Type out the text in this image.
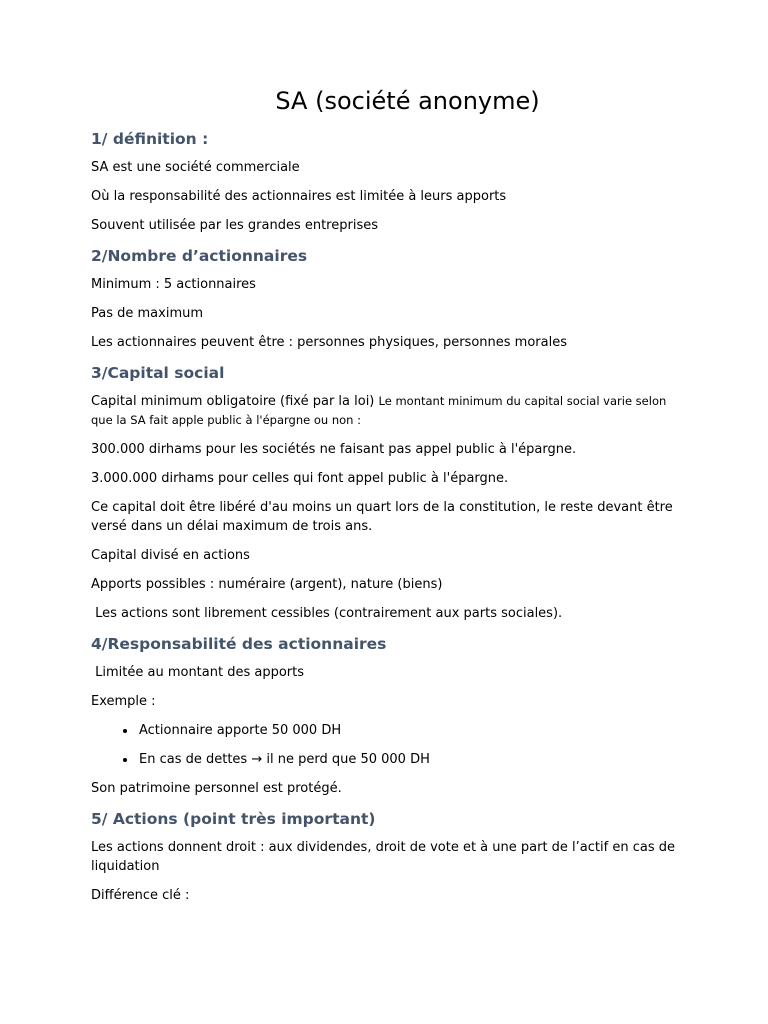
SA (société anonyme)
1/ définition :

SA est une société commerciale

Où la responsabilité des actionnaires est limitée à leurs apports

Souvent utilisée par les grandes entreprises

2/Nombre d’actionnaires

Minimum : 5 actionnaires

Pas de maximum

Les actionnaires peuvent être : personnes physiques, personnes morales

3/Capital social

Capital minimum obligatoire (fixé par la loi) Le montant minimum du capital social varie selon que la SA fait apple public à l'épargne ou non :

300.000 dirhams pour les sociétés ne faisant pas appel public à l'épargne.

3.000.000 dirhams pour celles qui font appel public à l'épargne.

Ce capital doit être libéré d'au moins un quart lors de la constitution, le reste devant être versé dans un délai maximum de trois ans.

Capital divisé en actions

Apports possibles : numéraire (argent), nature (biens)

Les actions sont librement cessibles (contrairement aux parts sociales).

4/Responsabilité des actionnaires

Limitée au montant des apports

Exemple :

• Actionnaire apporte 50 000 DH
• En cas de dettes → il ne perd que 50 000 DH

Son patrimoine personnel est protégé.

5/ Actions (point très important)

Les actions donnent droit : aux dividendes, droit de vote et à une part de l’actif en cas de liquidation

Différence clé :
